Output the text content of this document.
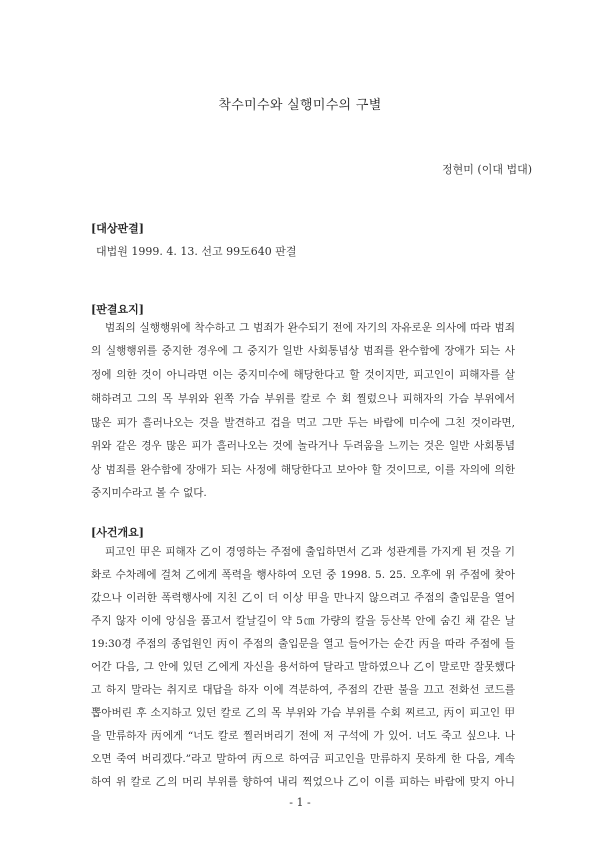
착수미수와 실행미수의 구별
정현미 (이대 법대)
[대상판결]
대법원 1999. 4. 13. 선고 99도640 판결
[판결요지]
범죄의 실행행위에 착수하고 그 범죄가 완수되기 전에 자기의 자유로운 의사에 따라 범죄
의 실행행위를 중지한 경우에 그 중지가 일반 사회통념상 범죄를 완수함에 장애가 되는 사
정에 의한 것이 아니라면 이는 중지미수에 해당한다고 할 것이지만, 피고인이 피해자를 살
해하려고 그의 목 부위와 왼쪽 가슴 부위를 칼로 수 회 찔렀으나 피해자의 가슴 부위에서
많은 피가 흘러나오는 것을 발견하고 겁을 먹고 그만 두는 바람에 미수에 그친 것이라면,
위와 같은 경우 많은 피가 흘러나오는 것에 놀라거나 두려움을 느끼는 것은 일반 사회통념
상 범죄를 완수함에 장애가 되는 사정에 해당한다고 보아야 할 것이므로, 이를 자의에 의한
중지미수라고 볼 수 없다.
[사건개요]
피고인 甲은 피해자 乙이 경영하는 주점에 출입하면서 乙과 성관계를 가지게 된 것을 기
화로 수차례에 걸쳐 乙에게 폭력을 행사하여 오던 중 1998. 5. 25. 오후에 위 주점에 찾아
갔으나 이러한 폭력행사에 지친 乙이 더 이상 甲을 만나지 않으려고 주점의 출입문을 열어
주지 않자 이에 앙심을 품고서 칼날길이 약 5㎝ 가량의 칼을 등산복 안에 숨긴 채 같은 날
19:30경 주점의 종업원인 丙이 주점의 출입문을 열고 들어가는 순간 丙을 따라 주점에 들
어간 다음, 그 안에 있던 乙에게 자신을 용서하여 달라고 말하였으나 乙이 말로만 잘못했다
고 하지 말라는 취지로 대답을 하자 이에 격분하여, 주점의 간판 불을 끄고 전화선 코드를
뽑아버린 후 소지하고 있던 칼로 乙의 목 부위와 가슴 부위를 수회 찌르고, 丙이 피고인 甲
을 만류하자 丙에게 “너도 칼로 찔러버리기 전에 저 구석에 가 있어. 너도 죽고 싶으냐. 나
오면 죽여 버리겠다.”라고 말하여 丙으로 하여금 피고인을 만류하지 못하게 한 다음, 계속
하여 위 칼로 乙의 머리 부위를 향하여 내리 찍었으나 乙이 이를 피하는 바람에 맞지 아니
- 1 -
